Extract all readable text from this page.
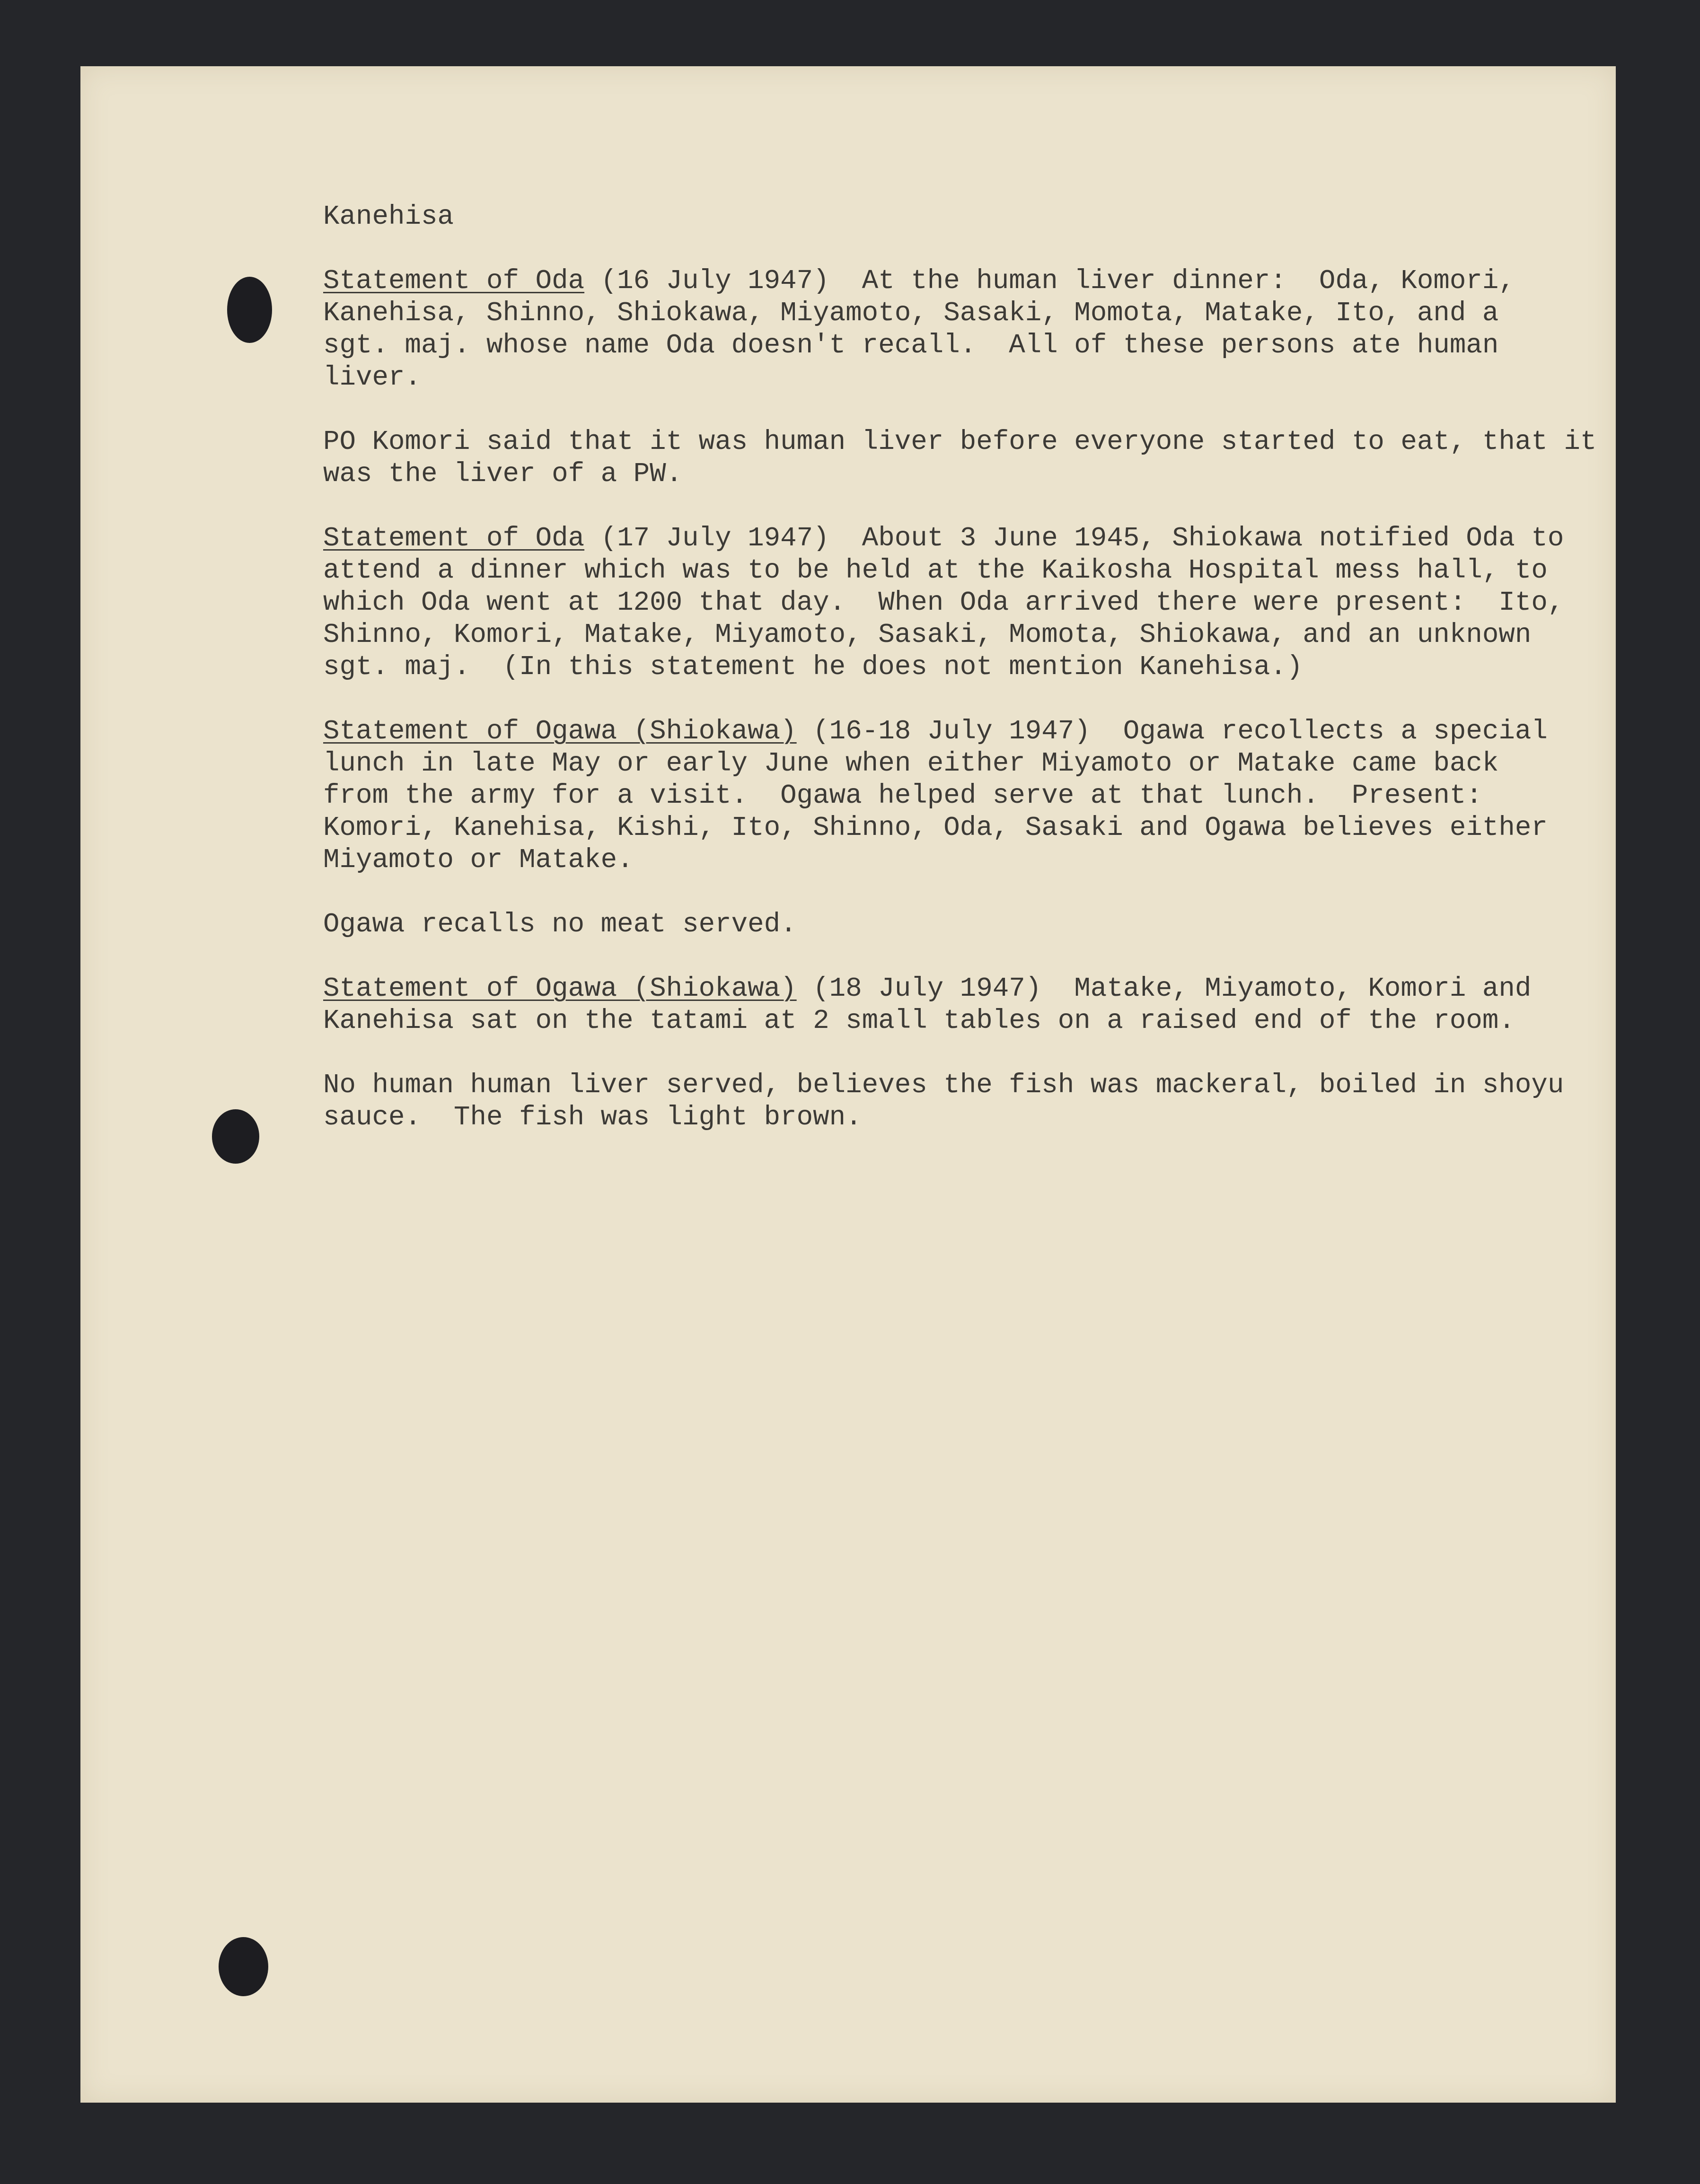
Kanehisa
Statement of Oda (16 July 1947)  At the human liver dinner:  Oda, Komori,
Kanehisa, Shinno, Shiokawa, Miyamoto, Sasaki, Momota, Matake, Ito, and a
sgt. maj. whose name Oda doesn't recall.  All of these persons ate human
liver.
PO Komori said that it was human liver before everyone started to eat, that it
was the liver of a PW.
Statement of Oda (17 July 1947)  About 3 June 1945, Shiokawa notified Oda to
attend a dinner which was to be held at the Kaikosha Hospital mess hall, to
which Oda went at 1200 that day.  When Oda arrived there were present:  Ito,
Shinno, Komori, Matake, Miyamoto, Sasaki, Momota, Shiokawa, and an unknown
sgt. maj.  (In this statement he does not mention Kanehisa.)
Statement of Ogawa (Shiokawa) (16-18 July 1947)  Ogawa recollects a special
lunch in late May or early June when either Miyamoto or Matake came back
from the army for a visit.  Ogawa helped serve at that lunch.  Present:
Komori, Kanehisa, Kishi, Ito, Shinno, Oda, Sasaki and Ogawa believes either
Miyamoto or Matake.
Ogawa recalls no meat served.
Statement of Ogawa (Shiokawa) (18 July 1947)  Matake, Miyamoto, Komori and
Kanehisa sat on the tatami at 2 small tables on a raised end of the room.
No human human liver served, believes the fish was mackeral, boiled in shoyu
sauce.  The fish was light brown.
